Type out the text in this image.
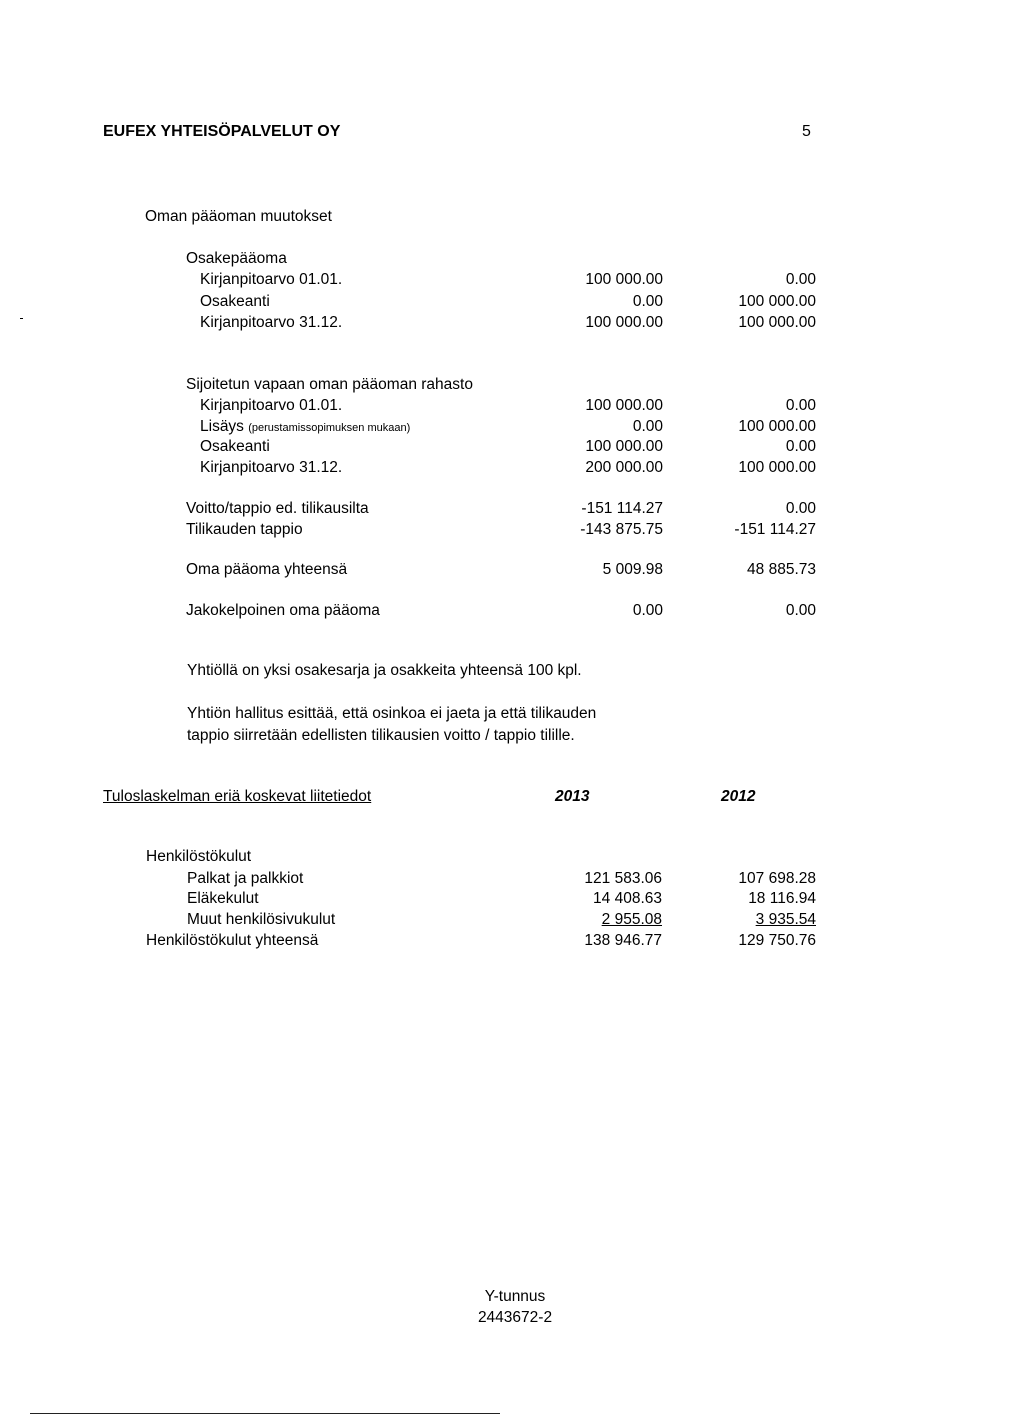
EUFEX YHTEISÖPALVELUT OY	5
Oman pääoman muutokset
Osakepääoma
Kirjanpitoarvo 01.01.	100 000.00	0.00
Osakeanti	0.00	100 000.00
Kirjanpitoarvo 31.12.	100 000.00	100 000.00
Sijoitetun vapaan oman pääoman rahasto
Kirjanpitoarvo 01.01.	100 000.00	0.00
Lisäys (perustamissopimuksen mukaan)	0.00	100 000.00
Osakeanti	100 000.00	0.00
Kirjanpitoarvo 31.12.	200 000.00	100 000.00
Voitto/tappio ed. tilikausilta	-151 114.27	0.00
Tilikauden tappio	-143 875.75	-151 114.27
Oma pääoma yhteensä	5 009.98	48 885.73
Jakokelpoinen oma pääoma	0.00	0.00
Yhtiöllä on yksi osakesarja ja osakkeita yhteensä 100 kpl.
Yhtiön hallitus esittää, että osinkoa ei jaeta ja että tilikauden
tappio siirretään edellisten tilikausien voitto / tappio tilille.
Tuloslaskelman eriä koskevat liitetiedot	2013	2012
Henkilöstökulut
Palkat ja palkkiot	121 583.06	107 698.28
Eläkekulut	14 408.63	18 116.94
Muut henkilösivukulut	2 955.08	3 935.54
Henkilöstökulut yhteensä	138 946.77	129 750.76
Y-tunnus
2443672-2
